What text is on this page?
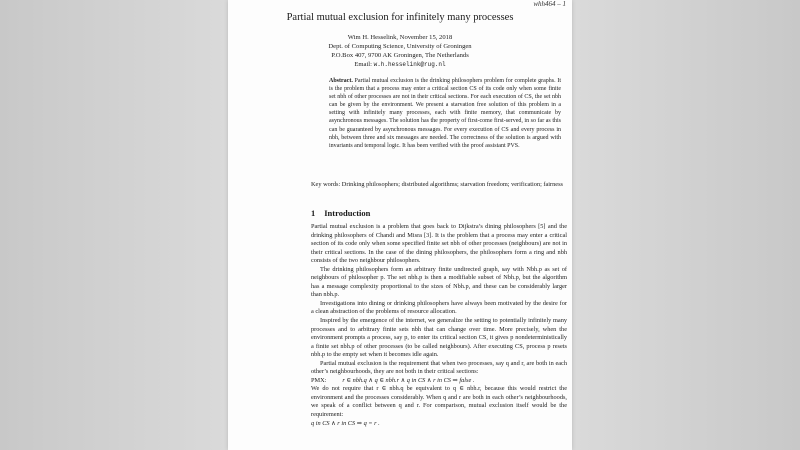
whh464 – 1
Partial mutual exclusion for infinitely many processes
Wim H. Hesselink, November 15, 2018
Dept. of Computing Science, University of Groningen
P.O.Box 407, 9700 AK Groningen, The Netherlands
Email: w.h.hesselink@rug.nl
Abstract. Partial mutual exclusion is the drinking philosophers problem for complete graphs. It is the problem that a process may enter a critical section CS of its code only when some finite set nbh of other processes are not in their critical sections. For each execution of CS, the set nbh can be given by the environment. We present a starvation free solution of this problem in a setting with infinitely many processes, each with finite memory, that communicate by asynchronous messages. The solution has the property of first-come first-served, in so far as this can be guaranteed by asynchronous messages. For every execution of CS and every process in nbh, between three and six messages are needed. The correctness of the solution is argued with invariants and temporal logic. It has been verified with the proof assistant PVS.
Key words: Drinking philosophers; distributed algorithms; starvation freedom; verification; fairness
1 Introduction

Partial mutual exclusion is a problem that goes back to Dijkstra’s dining philosophers [5] and the drinking philosophers of Chandi and Misra [3]. It is the problem that a process may enter a critical section of its code only when some specified finite set nbh of other processes (neighbours) are not in their critical sections. In the case of the dining philosophers, the philosophers form a ring and nbh consists of the two neighbour philosophers.

The drinking philosophers form an arbitrary finite undirected graph, say with Nbh.p as set of neighbours of philosopher p. The set nbh.p is then a modifiable subset of Nbh.p, but the algorithm has a message complexity proportional to the sizes of Nbh.p, and these can be considerably larger than nbh.p.

Investigations into dining or drinking philosophers have always been motivated by the desire for a clean abstraction of the problems of resource allocation.

Inspired by the emergence of the internet, we generalize the setting to potentially infinitely many processes and to arbitrary finite sets nbh that can change over time. More precisely, when the environment prompts a process, say p, to enter its critical section CS, it gives p nondeterministically a finite set nbh.p of other processes (to be called neighbours). After executing CS, process p resets nbh.p to the empty set when it becomes idle again.

Partial mutual exclusion is the requirement that when two processes, say q and r, are both in each other’s neighbourhoods, they are not both in their critical sections:

PMX:	r ∈ nbh.q ∧ q ∈ nbh.r ∧ q in CS ∧ r in CS ⇒ false .

We do not require that r ∈ nbh.q be equivalent to q ∈ nbh.r, because this would restrict the environment and the processes considerably. When q and r are both in each other’s neighbourhoods, we speak of a conflict between q and r. For comparison, mutual exclusion itself would be the requirement:

q in CS ∧ r in CS ⇒ q = r .
